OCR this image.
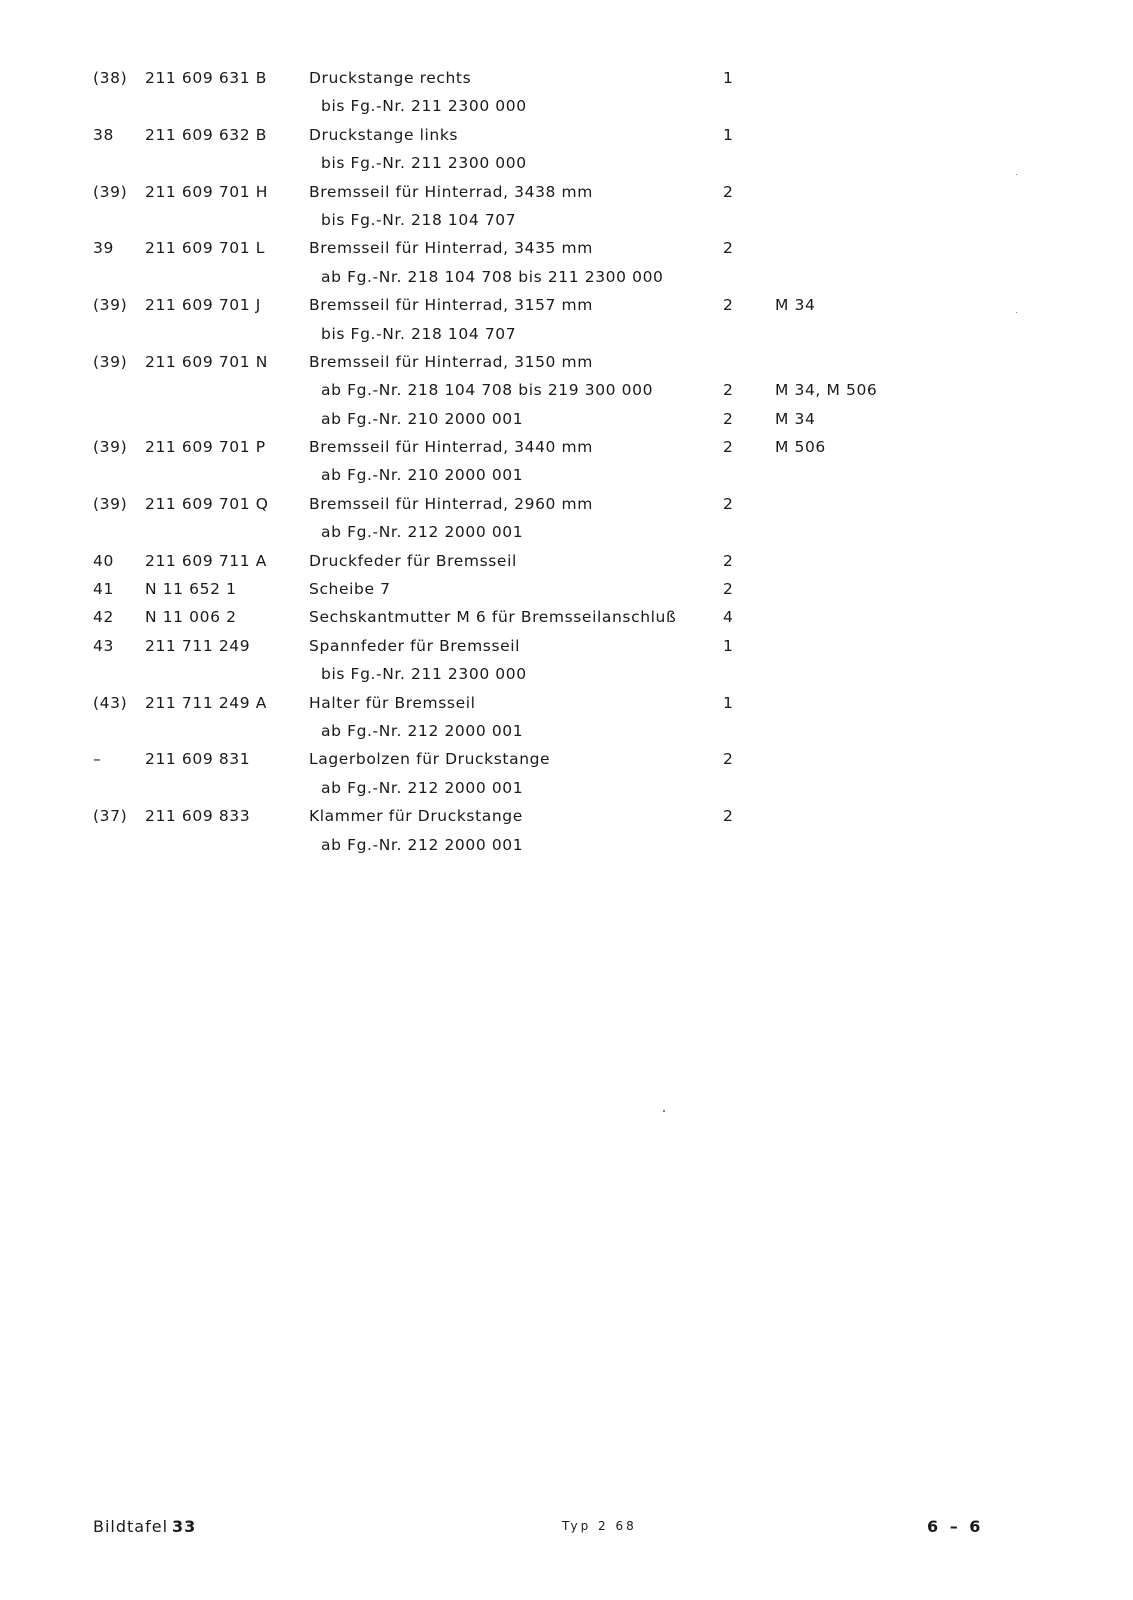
(38) 211 609 631 B	Druckstange rechts	1
bis Fg.-Nr. 211 2300 000
38 211 609 632 B	Druckstange links	1
bis Fg.-Nr. 211 2300 000
(39) 211 609 701 H	Bremsseil für Hinterrad, 3438 mm	2
bis Fg.-Nr. 218 104 707
39 211 609 701 L	Bremsseil für Hinterrad, 3435 mm	2
ab Fg.-Nr. 218 104 708 bis 211 2300 000
(39) 211 609 701 J	Bremsseil für Hinterrad, 3157 mm	2	M 34
bis Fg.-Nr. 218 104 707
(39) 211 609 701 N	Bremsseil für Hinterrad, 3150 mm
ab Fg.-Nr. 218 104 708 bis 219 300 000	2	M 34, M 506
ab Fg.-Nr. 210 2000 001	2	M 34
(39) 211 609 701 P	Bremsseil für Hinterrad, 3440 mm	2	M 506
ab Fg.-Nr. 210 2000 001
(39) 211 609 701 Q	Bremsseil für Hinterrad, 2960 mm	2
ab Fg.-Nr. 212 2000 001
40 211 609 711 A	Druckfeder für Bremsseil	2
41 N 11 652 1	Scheibe 7	2
42 N 11 006 2	Sechskantmutter M 6 für Bremsseilanschluß	4
43 211 711 249	Spannfeder für Bremsseil	1
bis Fg.-Nr. 211 2300 000
(43) 211 711 249 A	Halter für Bremsseil	1
ab Fg.-Nr. 212 2000 001
–	211 609 831	Lagerbolzen für Druckstange	2
ab Fg.-Nr. 212 2000 001
(37) 211 609 833	Klammer für Druckstange	2
ab Fg.-Nr. 212 2000 001
Bildtafel 33	Typ 2 68	6 – 6
